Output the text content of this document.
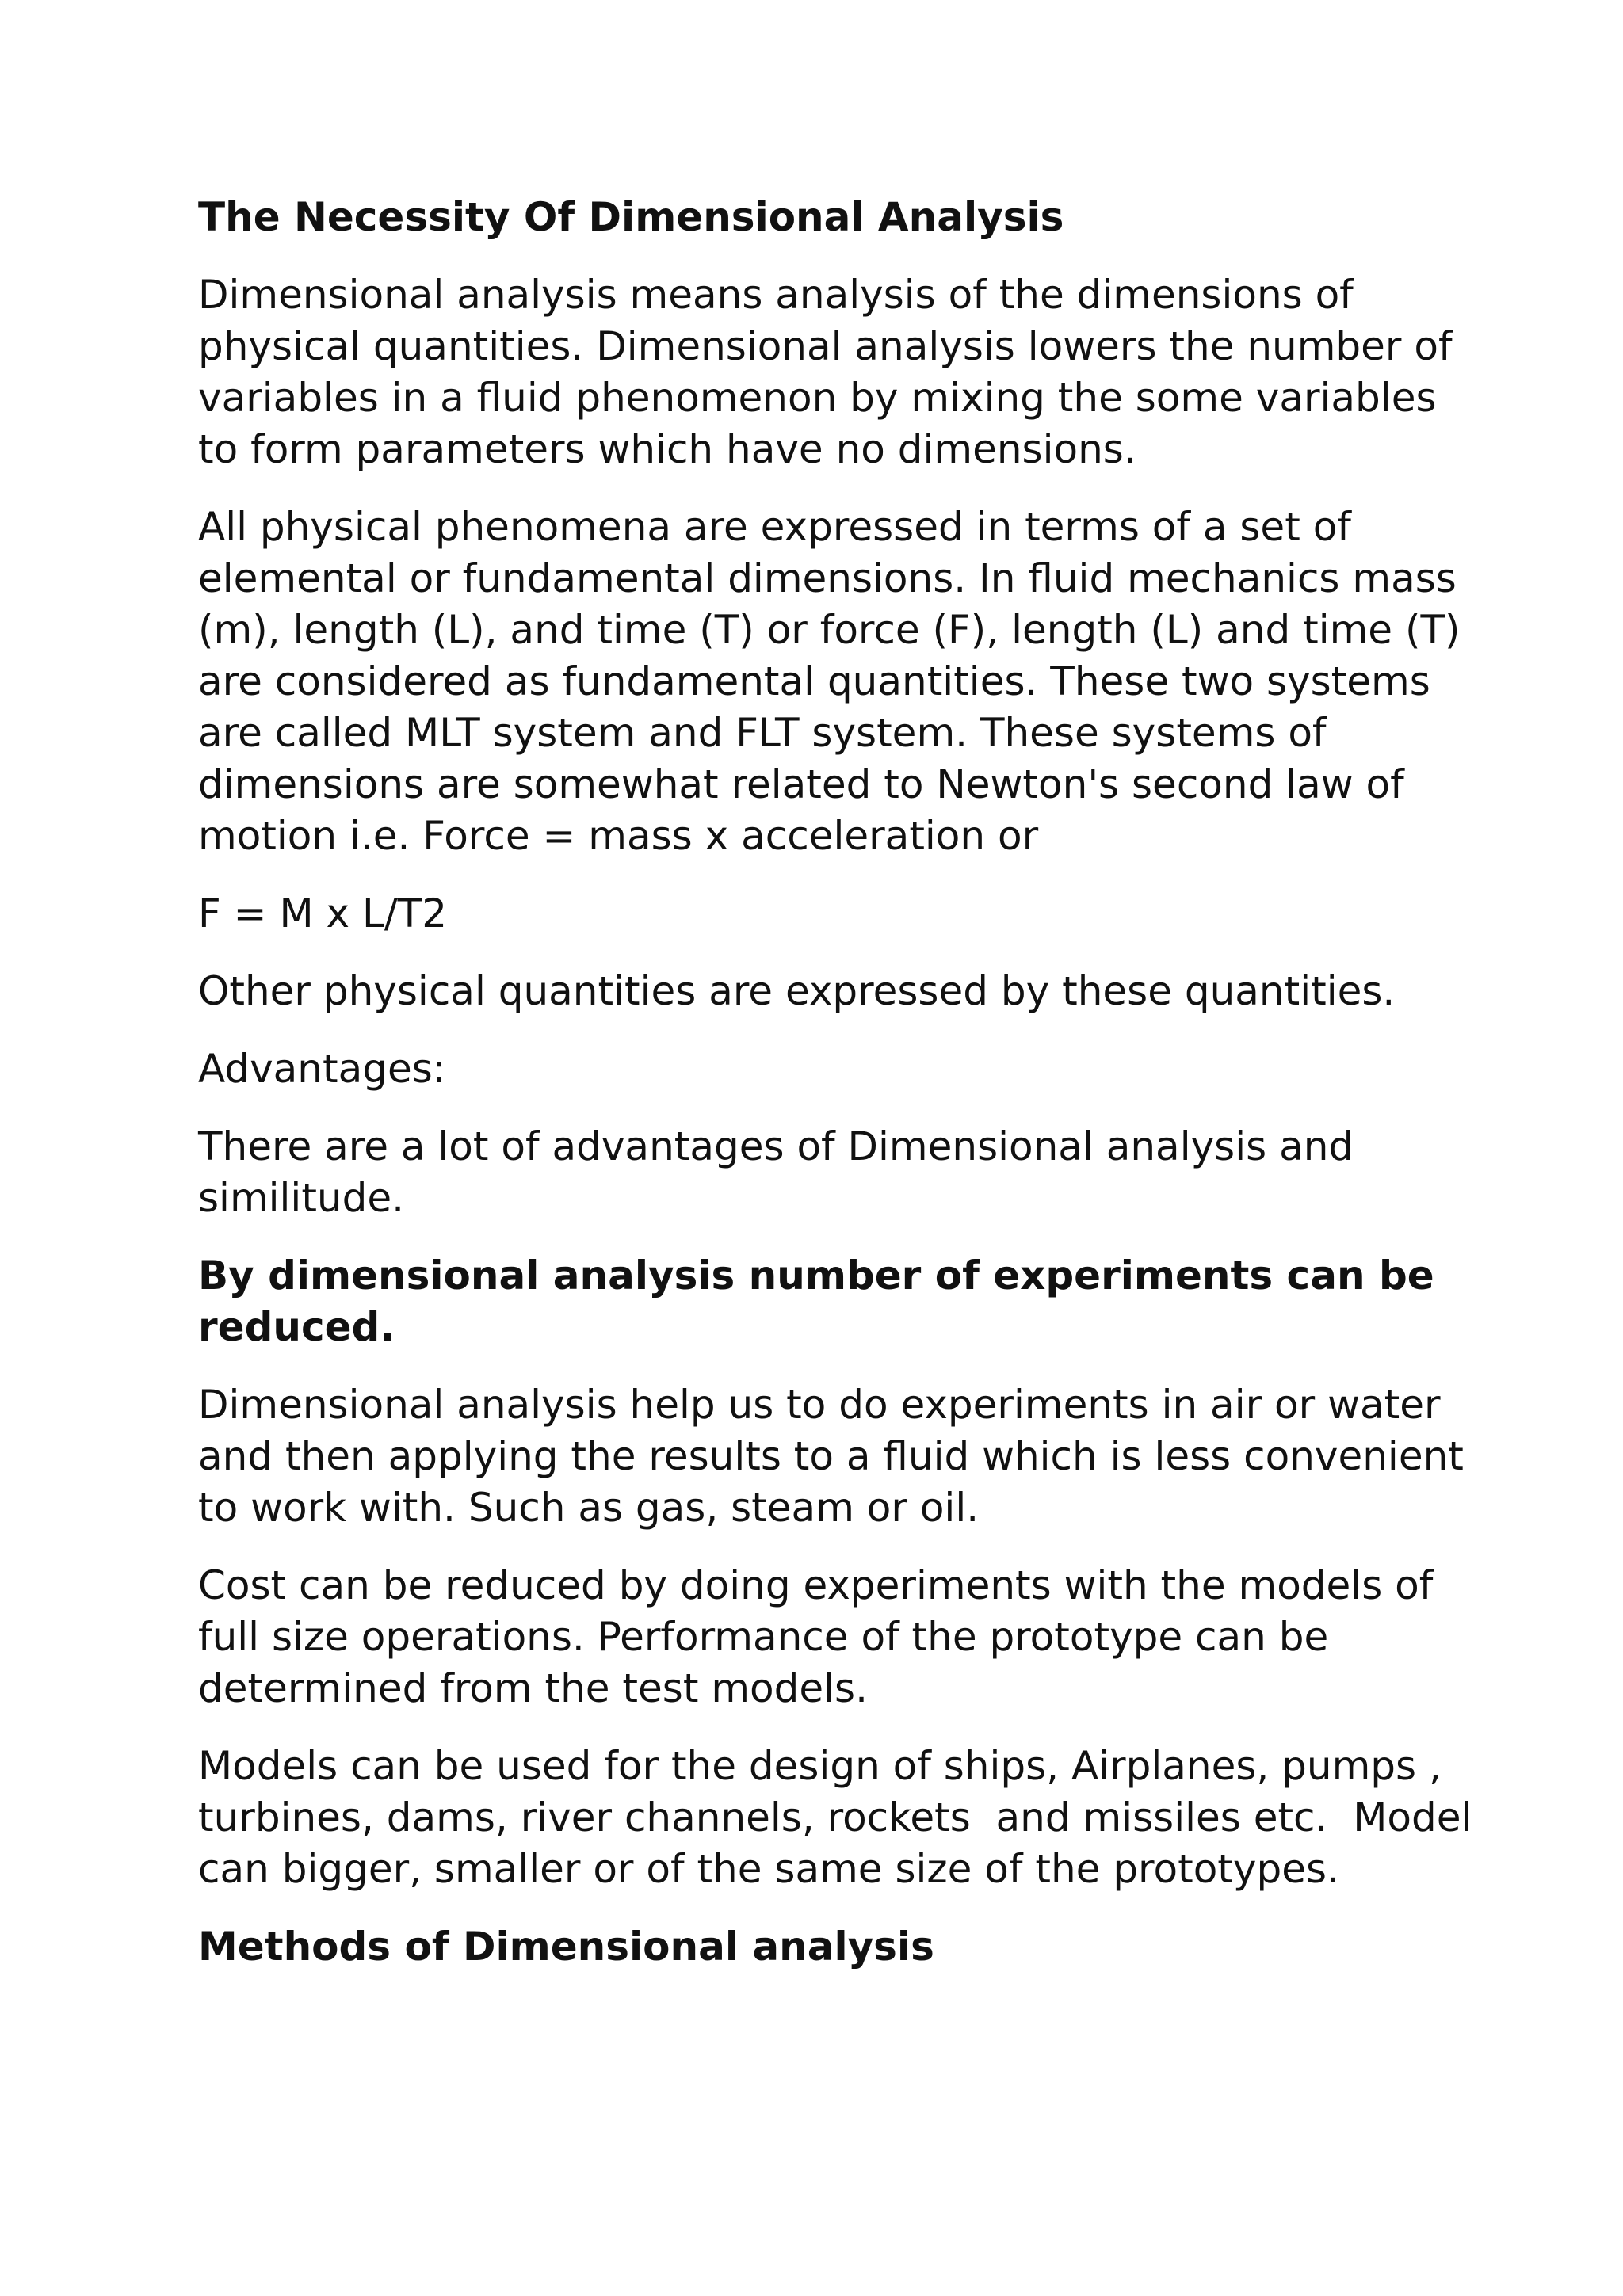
The Necessity Of Dimensional Analysis

Dimensional analysis means analysis of the dimensions of
physical quantities. Dimensional analysis lowers the number of
variables in a fluid phenomenon by mixing the some variables
to form parameters which have no dimensions.

All physical phenomena are expressed in terms of a set of
elemental or fundamental dimensions. In fluid mechanics mass
(m), length (L), and time (T) or force (F), length (L) and time (T)
are considered as fundamental quantities. These two systems
are called MLT system and FLT system. These systems of
dimensions are somewhat related to Newton's second law of
motion i.e. Force = mass x acceleration or

F = M x L/T2

Other physical quantities are expressed by these quantities.

Advantages:

There are a lot of advantages of Dimensional analysis and
similitude.

By dimensional analysis number of experiments can be
reduced.

Dimensional analysis help us to do experiments in air or water
and then applying the results to a fluid which is less convenient
to work with. Such as gas, steam or oil.

Cost can be reduced by doing experiments with the models of
full size operations. Performance of the prototype can be
determined from the test models.

Models can be used for the design of ships, Airplanes, pumps ,
turbines, dams, river channels, rockets  and missiles etc.  Model
can bigger, smaller or of the same size of the prototypes.

Methods of Dimensional analysis
